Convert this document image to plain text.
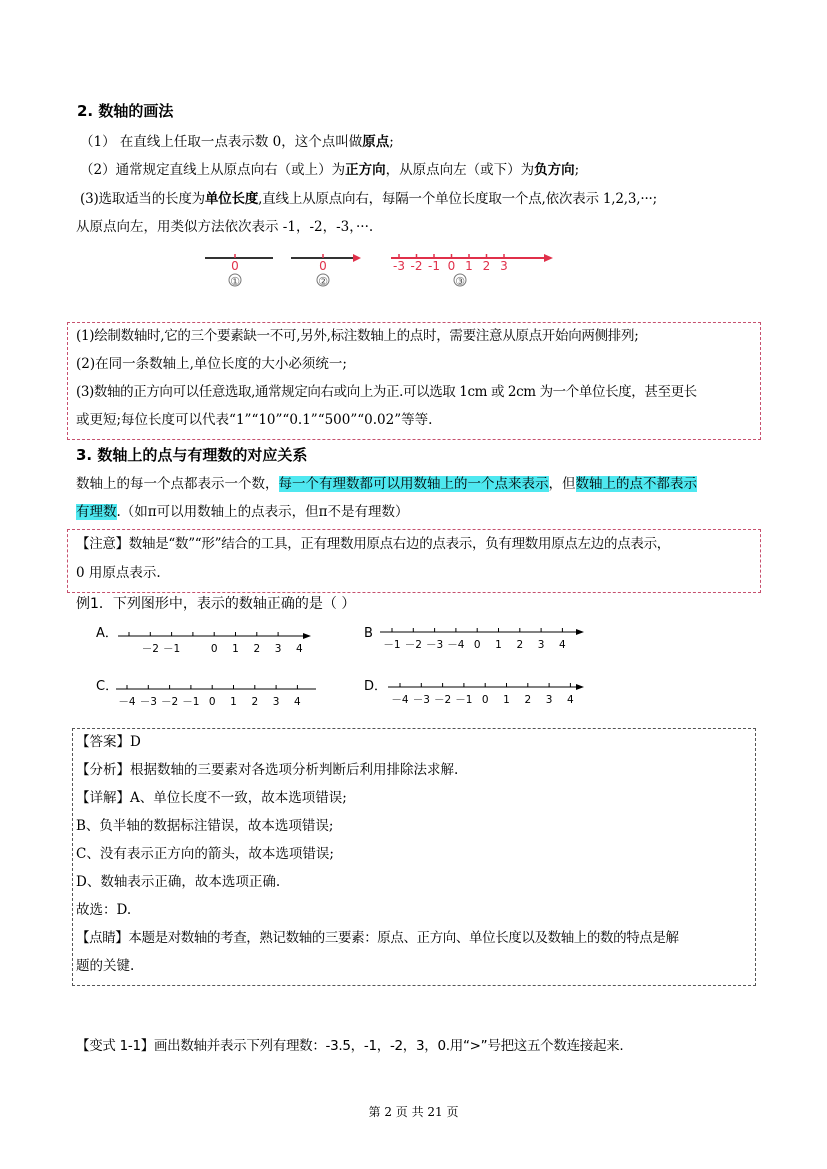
2. 数轴的画法
（1） 在直线上任取一点表示数 0，这个点叫做原点;
（2）通常规定直线上从原点向右（或上）为正方向，从原点向左（或下）为负方向;
(3)选取适当的长度为单位长度,直线上从原点向右，每隔一个单位长度取一个点,依次表示 1,2,3,···;
从原点向左，用类似方法依次表示 -1，-2，-3，···.
0
①
0
②
-3 -2 -1 0 1 2 3
③
(1)绘制数轴时,它的三个要素缺一不可,另外,标注数轴上的点时，需要注意从原点开始向两侧排列;
(2)在同一条数轴上,单位长度的大小必须统一;
(3)数轴的正方向可以任意选取,通常规定向右或向上为正.可以选取 1cm 或 2cm 为一个单位长度，甚至更长
或更短;每位长度可以代表“1”“10”“0.1”“500”“0.02”等等.
3. 数轴上的点与有理数的对应关系
数轴上的每一个点都表示一个数，每一个有理数都可以用数轴上的一个点来表示，但数轴上的点不都表示
有理数.（如π可以用数轴上的点表示，但π不是有理数）
【注意】数轴是“数”“形”结合的工具，正有理数用原点右边的点表示，负有理数用原点左边的点表示，
0 用原点表示.
例1．下列图形中，表示的数轴正确的是（ ）
A．
－2 －1	0 1 2 3 4
B
－1 －2 －3 －4 0 1 2 3 4
C．
－4 －3 －2 －1 0 1 2 3 4
D．
－4 －3 －2 －1 0 1 2 3 4
【答案】D
【分析】根据数轴的三要素对各选项分析判断后利用排除法求解.
【详解】A、单位长度不一致，故本选项错误;
B、负半轴的数据标注错误，故本选项错误;
C、没有表示正方向的箭头，故本选项错误;
D、数轴表示正确，故本选项正确.
故选：D.
【点睛】本题是对数轴的考查，熟记数轴的三要素：原点、正方向、单位长度以及数轴上的数的特点是解
题的关键.
【变式 1-1】画出数轴并表示下列有理数：-3.5，-1，-2，3，0.用“>”号把这五个数连接起来.
第 2 页 共 21 页
